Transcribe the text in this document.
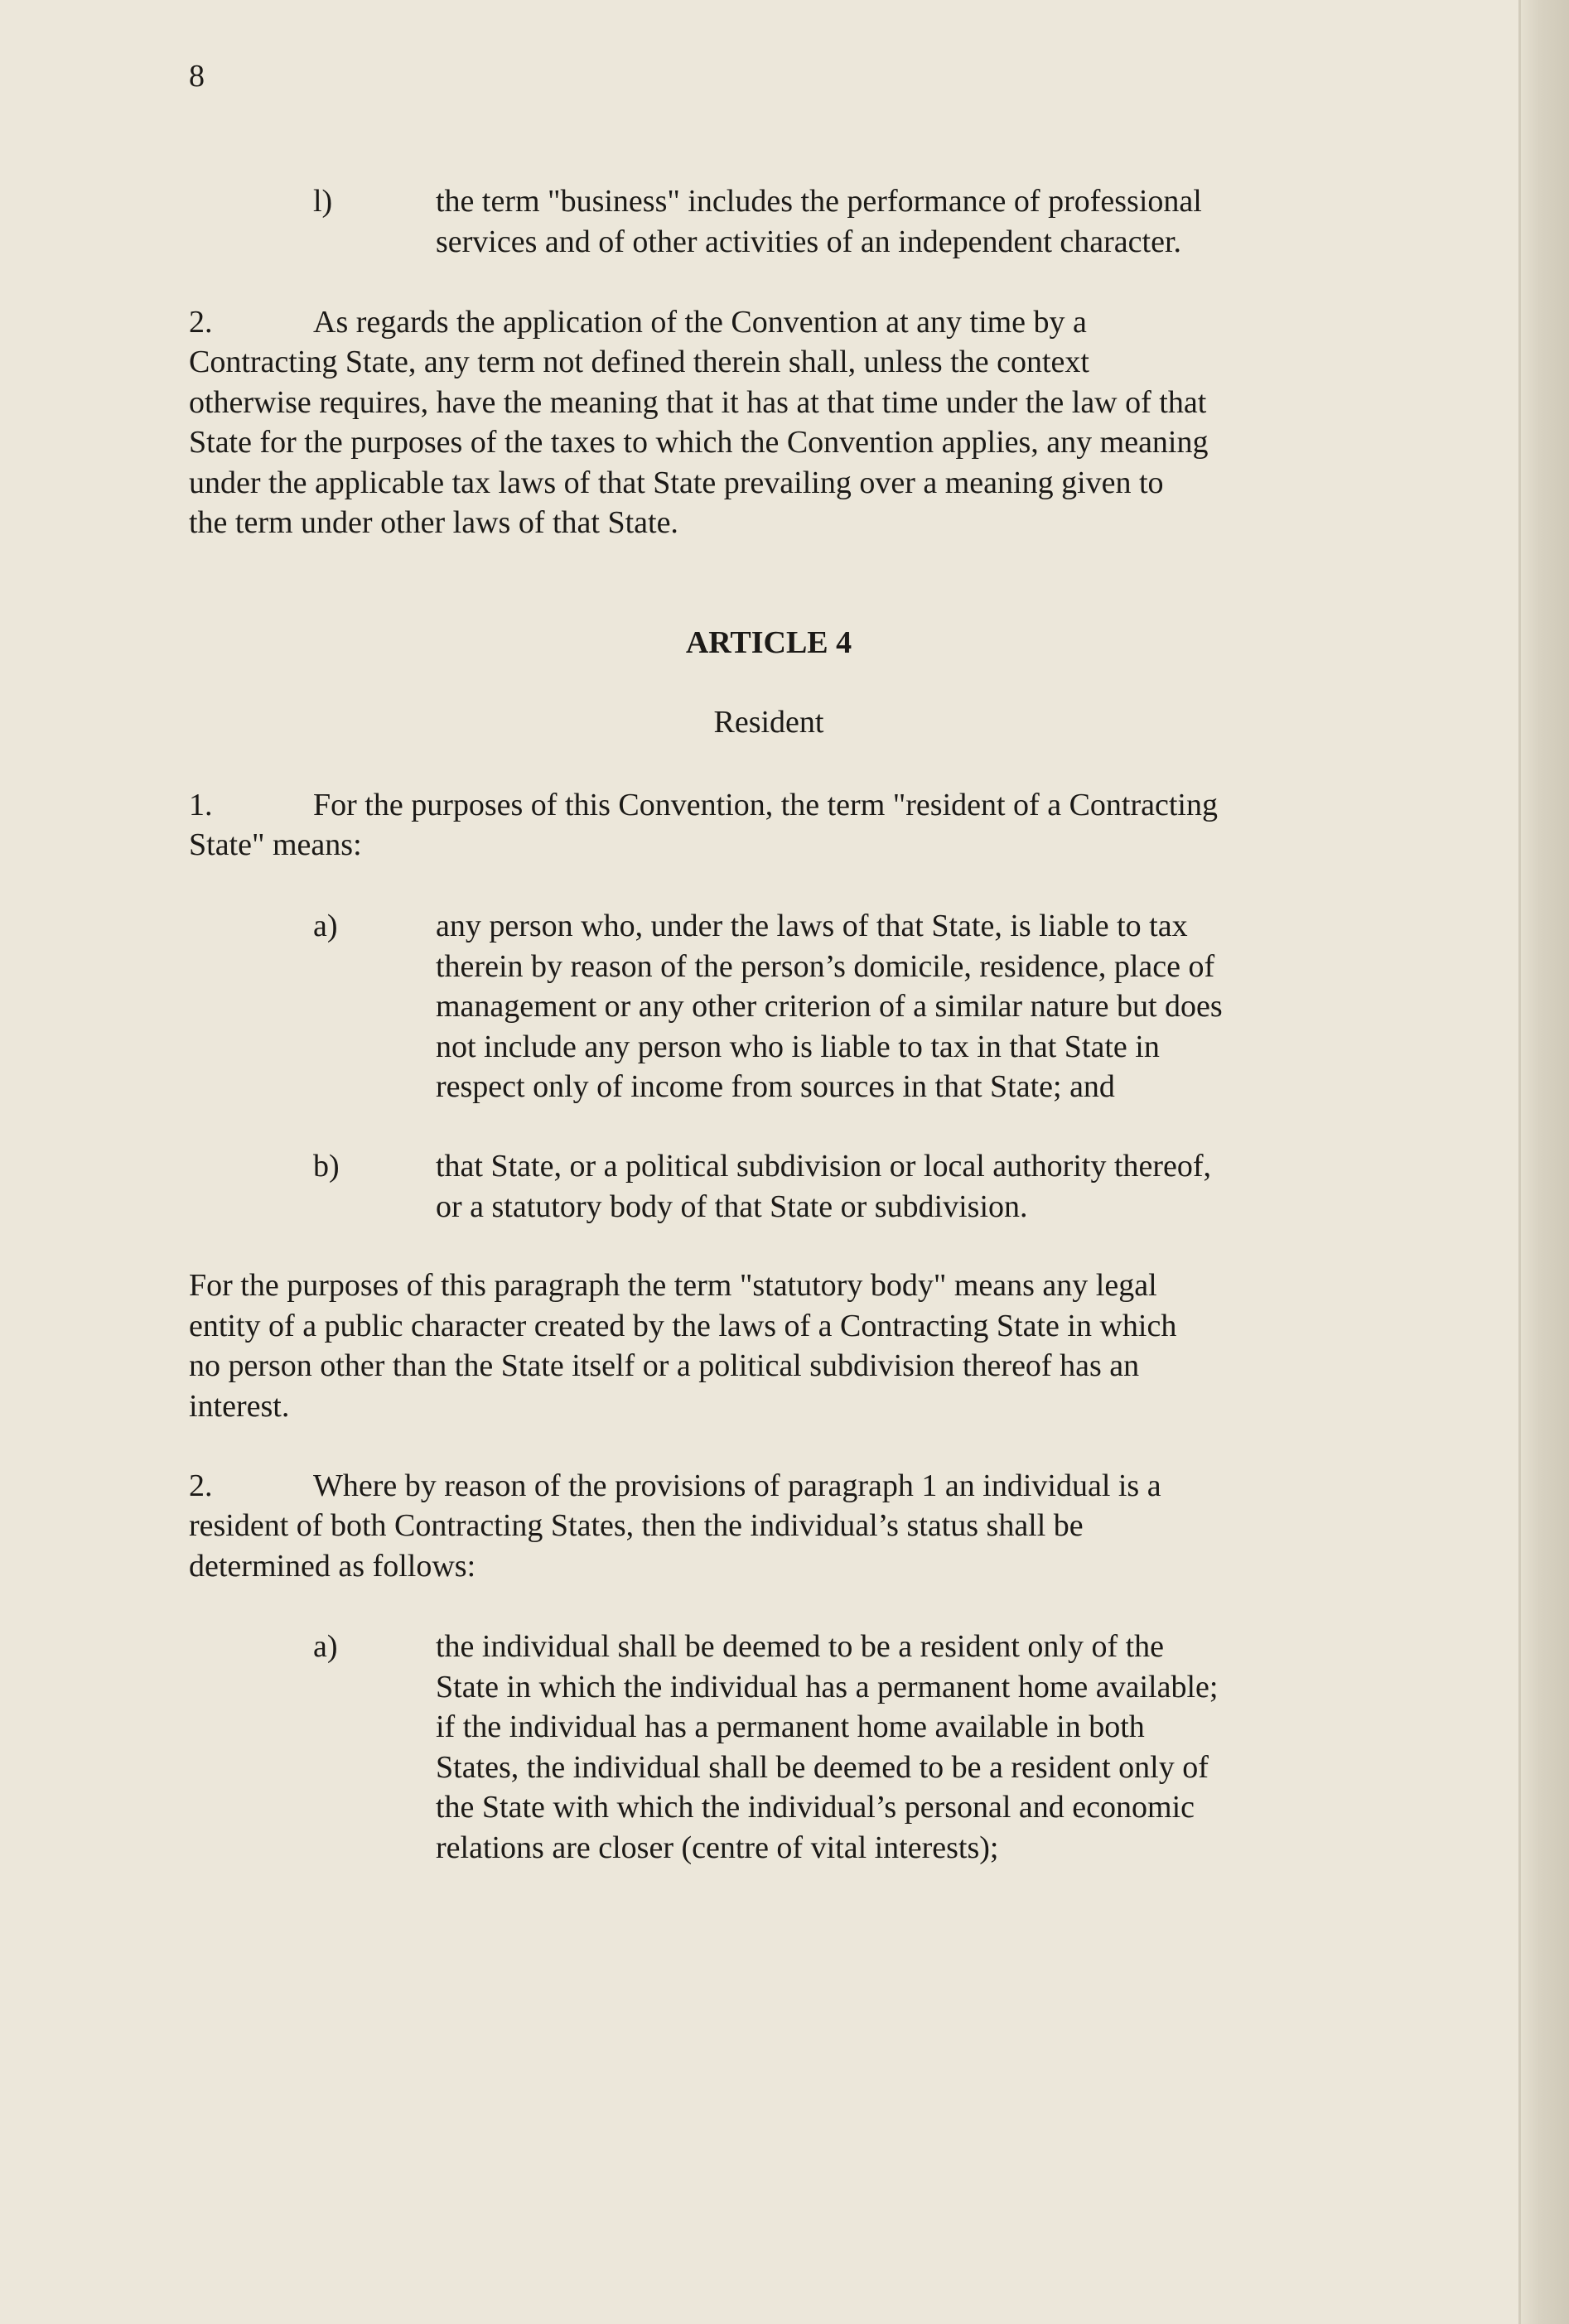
8

l)	the term "business" includes the performance of professional
services and of other activities of an independent character.

2.	As regards the application of the Convention at any time by a

Contracting State, any term not defined therein shall, unless the context
otherwise requires, have the meaning that it has at that time under the law of that
State for the purposes of the taxes to which the Convention applies, any meaning
under the applicable tax laws of that State prevailing over a meaning given to
the term under other laws of that State.

ARTICLE 4

Resident

1.	For the purposes of this Convention, the term "resident of a Contracting

State" means:

a)	any person who, under the laws of that State, is liable to tax
therein by reason of the person’s domicile, residence, place of
management or any other criterion of a similar nature but does
not include any person who is liable to tax in that State in
respect only of income from sources in that State; and

b)	that State, or a political subdivision or local authority thereof,
or a statutory body of that State or subdivision.
For the purposes of this paragraph the term "statutory body" means any legal
entity of a public character created by the laws of a Contracting State in which
no person other than the State itself or a political subdivision thereof has an
interest.

2.	Where by reason of the provisions of paragraph 1 an individual is a

resident of both Contracting States, then the individual’s status shall be
determined as follows:

a)	the individual shall be deemed to be a resident only of the
State in which the individual has a permanent home available;
if the individual has a permanent home available in both
States, the individual shall be deemed to be a resident only of
the State with which the individual’s personal and economic
relations are closer (centre of vital interests);
